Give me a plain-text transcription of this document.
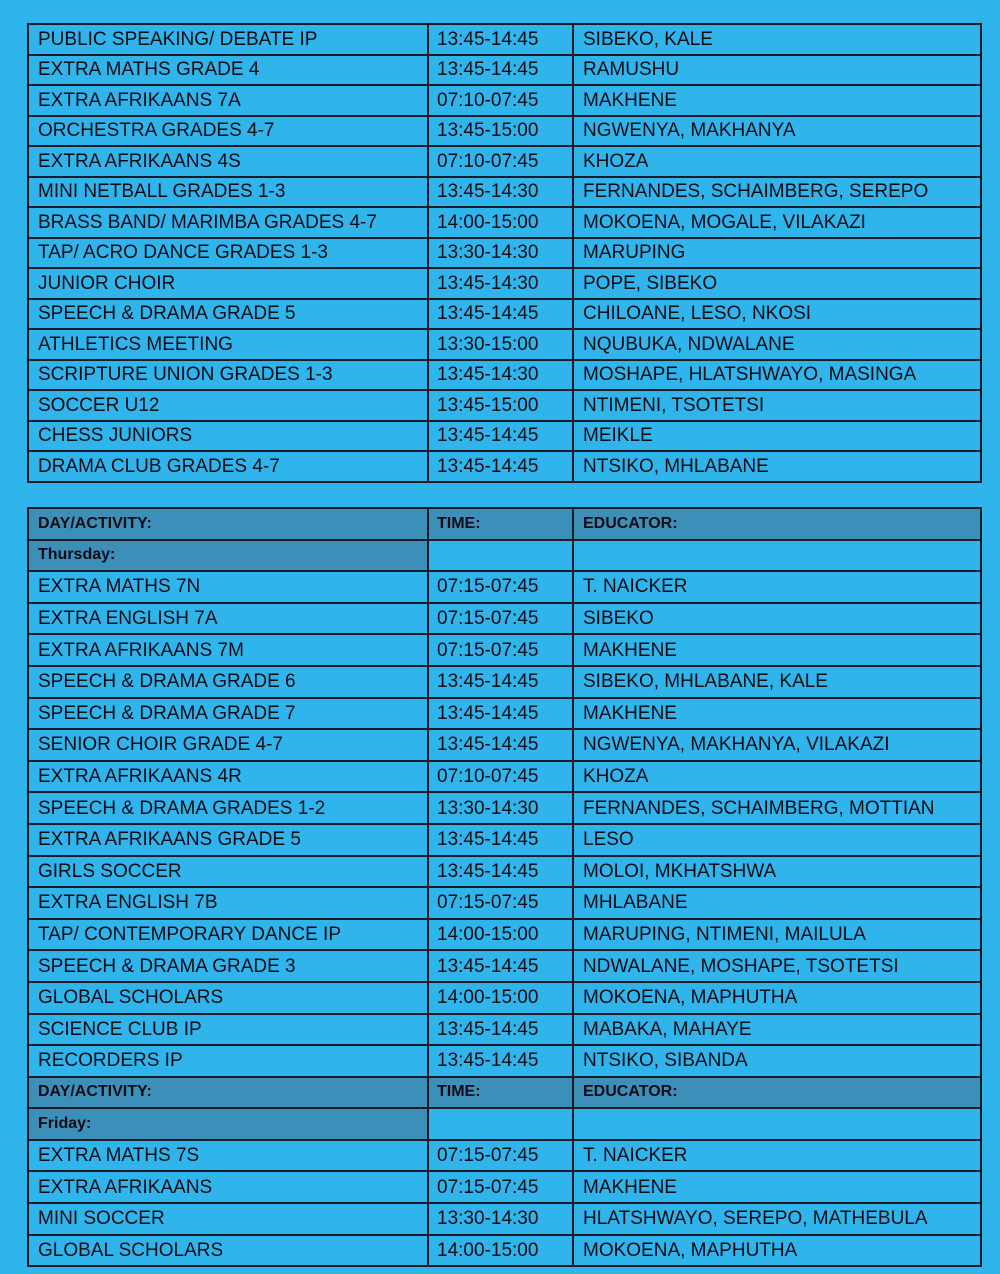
PUBLIC SPEAKING/ DEBATE IP	13:45-14:45	SIBEKO, KALE
EXTRA MATHS GRADE 4	13:45-14:45	RAMUSHU
EXTRA AFRIKAANS 7A	07:10-07:45	MAKHENE
ORCHESTRA GRADES 4-7	13:45-15:00	NGWENYA, MAKHANYA
EXTRA AFRIKAANS 4S	07:10-07:45	KHOZA
MINI NETBALL GRADES 1-3	13:45-14:30	FERNANDES, SCHAIMBERG, SEREPO
BRASS BAND/ MARIMBA GRADES 4-7	14:00-15:00	MOKOENA, MOGALE, VILAKAZI
TAP/ ACRO DANCE GRADES 1-3	13:30-14:30	MARUPING
JUNIOR CHOIR	13:45-14:30	POPE, SIBEKO
SPEECH & DRAMA GRADE 5	13:45-14:45	CHILOANE, LESO, NKOSI
ATHLETICS MEETING	13:30-15:00	NQUBUKA, NDWALANE
SCRIPTURE UNION GRADES 1-3	13:45-14:30	MOSHAPE, HLATSHWAYO, MASINGA
SOCCER U12	13:45-15:00	NTIMENI, TSOTETSI
CHESS JUNIORS	13:45-14:45	MEIKLE
DRAMA CLUB GRADES 4-7	13:45-14:45	NTSIKO, MHLABANE
DAY/ACTIVITY:	TIME:	EDUCATOR:
Thursday:		
EXTRA MATHS 7N	07:15-07:45	T. NAICKER
EXTRA ENGLISH 7A	07:15-07:45	SIBEKO
EXTRA AFRIKAANS 7M	07:15-07:45	MAKHENE
SPEECH & DRAMA GRADE 6	13:45-14:45	SIBEKO, MHLABANE, KALE
SPEECH & DRAMA GRADE 7	13:45-14:45	MAKHENE
SENIOR CHOIR GRADE 4-7	13:45-14:45	NGWENYA, MAKHANYA, VILAKAZI
EXTRA AFRIKAANS 4R	07:10-07:45	KHOZA
SPEECH & DRAMA GRADES 1-2	13:30-14:30	FERNANDES, SCHAIMBERG, MOTTIAN
EXTRA AFRIKAANS GRADE 5	13:45-14:45	LESO
GIRLS SOCCER	13:45-14:45	MOLOI, MKHATSHWA
EXTRA ENGLISH 7B	07:15-07:45	MHLABANE
TAP/ CONTEMPORARY DANCE IP	14:00-15:00	MARUPING, NTIMENI, MAILULA
SPEECH & DRAMA GRADE 3	13:45-14:45	NDWALANE, MOSHAPE, TSOTETSI
GLOBAL SCHOLARS	14:00-15:00	MOKOENA, MAPHUTHA
SCIENCE CLUB IP	13:45-14:45	MABAKA, MAHAYE
RECORDERS IP	13:45-14:45	NTSIKO, SIBANDA
DAY/ACTIVITY:	TIME:	EDUCATOR:
Friday:		
EXTRA MATHS 7S	07:15-07:45	T. NAICKER
EXTRA AFRIKAANS	07:15-07:45	MAKHENE
MINI SOCCER	13:30-14:30	HLATSHWAYO, SEREPO, MATHEBULA
GLOBAL SCHOLARS	14:00-15:00	MOKOENA, MAPHUTHA
